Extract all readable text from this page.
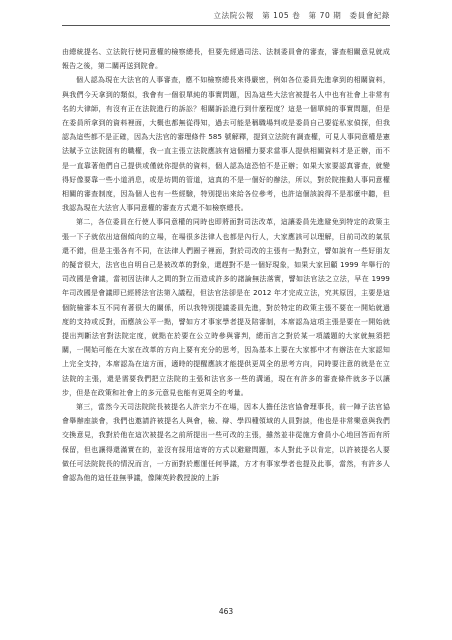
立法院公報　第 105 卷　第 70 期　委員會紀錄

由總統提名、立法院行使同意權的檢察總長，但要先經過司法、法制委員會的審查，審查相關意見就成報告之後，第二關再送到院會。

個人認為現在大法官的人事審查，應不如檢察總長來得嚴密，例如各位委員先進拿到的相關資料，與我們今天拿到的類似，我會有一個很單純的事實問題，因為這些大法官被提名人中也有社會上非常有名的大律師，有沒有正在法院進行的訴訟？相關訴訟進行到什麼程度？這是一個單純的事實問題，但是在委員所拿到的資料裡面，大概也都無從得知，過去可能是稱職場判或是委員自己要從私家偵探，但我認為這些都不是正確，因為大法官的審理條件 585 號解釋，提到立法院有調查權，可見人事同意權是憲法賦予立法院固有的職權，我一直主張立法院應該有這個權力要求當事人提供相關資料才是正辦，而不是一直靠著他們自己提供或僅就你提供的資料，個人認為這恐怕不是正辦；如果大家要認真審查，就變得好像要靠一些小道消息，或是坊間的管道，這真的不是一個好的辦法，所以，對於院推動人事同意權相關的審查制度，因為個人也有一些經驗，特別提出來給各位參考，也許這個該說得不是那麼中聽，但我認為現在大法官人事同意權的審查方式還不如檢察總長。

第二，各位委員在行使人事同意權的同時也即將面對司法改革，這讓委員先進避免到特定的政策主張一下子就依出這個傾向的立場，在場很多法律人也都是內行人，大家應該可以理解，目前司改的氣氛還不錯，但是主張各有不同，在法律人們圈子裡面，對於司改的主張有一點對立，譬如說有一些好朋友的擬音很大，法官也自明自己是被改革的對象，還趕對不是一個好現象，如果大家回顧 1999 年舉行的司改國是會議，當初因法律人之間的對立而造成許多的諸論無法落實，譬如法官法之立法，早在 1999 年司改國是會議即已經將法官法第入議程，但法官法卻是在 2012 年才完成立法，究其原因，主要是這個院檢審本互不同有著很大的關係，所以我特別提議委員先進，對於特定的政策主張不要在一開始就過度的支持或反對，而應該公平一點，譬如方才事家學者提及陪審制，本席認為這項主張是要在一開始就提出判斷法官對法院定度，就點在於要在公立時參與審判，總而言之對於某一項議題的大家就無須把關，一開始可能在大家在改革的方向上要有充分的思考，因為基本上要在大家都中才有辦法在大家認知上完全支持，本席認為在這方面，適時的提醒應該才能提供更周全的思考方向，同時要注意的就是在立法院的主張，還是需要我們把立法院的主張和法官多一些的溝通，現在有許多的審查條件就多予以讓步，但是在政策和社會上的多元意見也能有更周全的考量。

第三，當然今天司法院院長被提名人許宗力不在場，因本人擔任法官協會理事長，前一陣子法官協會舉辦座談會，我們也邀請許被提名人與會，檢、辯、學四種領域的人員對談，他也是非常樂意與我們交換意見，我對於他在這次被提名之前所提出一些可改的主張，雖然並非從施方會員小心地回答而有所保留，但也讓得還滿實在的，並沒有採用這寄的方式以避避問題，本人對此予以肯定，以許被提名人要做任可法院院長的情況而言，一方面對於應運任何爭議，方才有事家學者也提及此事，當然，有許多人會認為他的這任並無爭議，像陳英鈴教授說的上訴

463
